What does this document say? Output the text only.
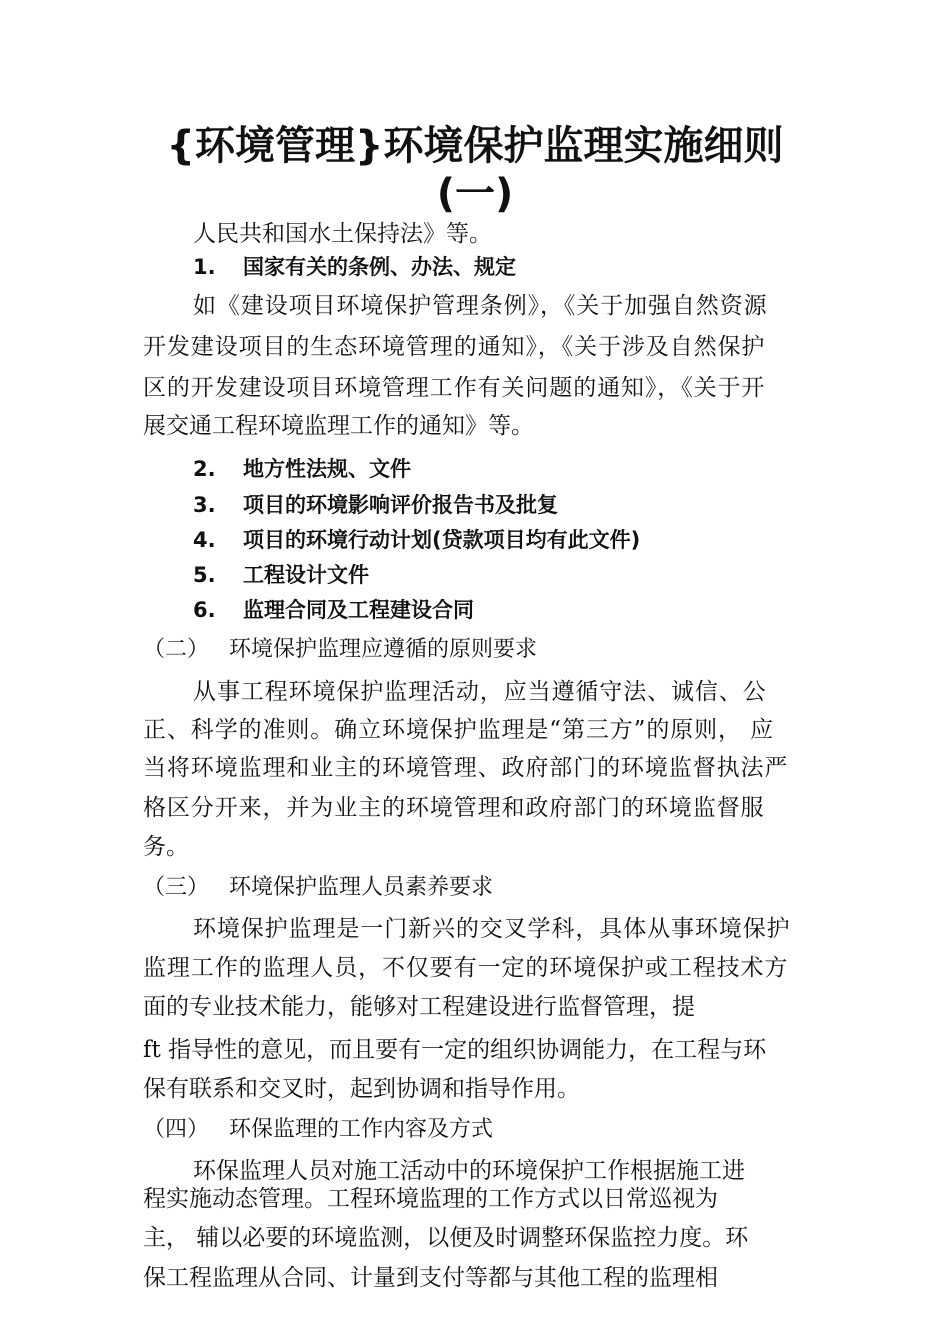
{环境管理}环境保护监理实施细则
(一)
人民共和国水土保持法》等。
1. 国家有关的条例、办法、规定
如《建设项目环境保护管理条例》，《关于加强自然资源
开发建设项目的生态环境管理的通知》，《关于涉及自然保护
区的开发建设项目环境管理工作有关问题的通知》，《关于开
展交通工程环境监理工作的通知》等。
2. 地方性法规、文件
3. 项目的环境影响评价报告书及批复
4. 项目的环境行动计划(贷款项目均有此文件)
5. 工程设计文件
6. 监理合同及工程建设合同
（二） 环境保护监理应遵循的原则要求
从事工程环境保护监理活动，应当遵循守法、诚信、公
正、科学的准则。确立环境保护监理是“第三方”的原则， 应
当将环境监理和业主的环境管理、政府部门的环境监督执法严
格区分开来，并为业主的环境管理和政府部门的环境监督服
务。
（三） 环境保护监理人员素养要求
环境保护监理是一门新兴的交叉学科，具体从事环境保护
监理工作的监理人员，不仅要有一定的环境保护或工程技术方
面的专业技术能力，能够对工程建设进行监督管理，提
ft 指导性的意见，而且要有一定的组织协调能力，在工程与环
保有联系和交叉时，起到协调和指导作用。
（四） 环保监理的工作内容及方式
环保监理人员对施工活动中的环境保护工作根据施工进
程实施动态管理。工程环境监理的工作方式以日常巡视为
主， 辅以必要的环境监测，以便及时调整环保监控力度。环
保工程监理从合同、计量到支付等都与其他工程的监理相
